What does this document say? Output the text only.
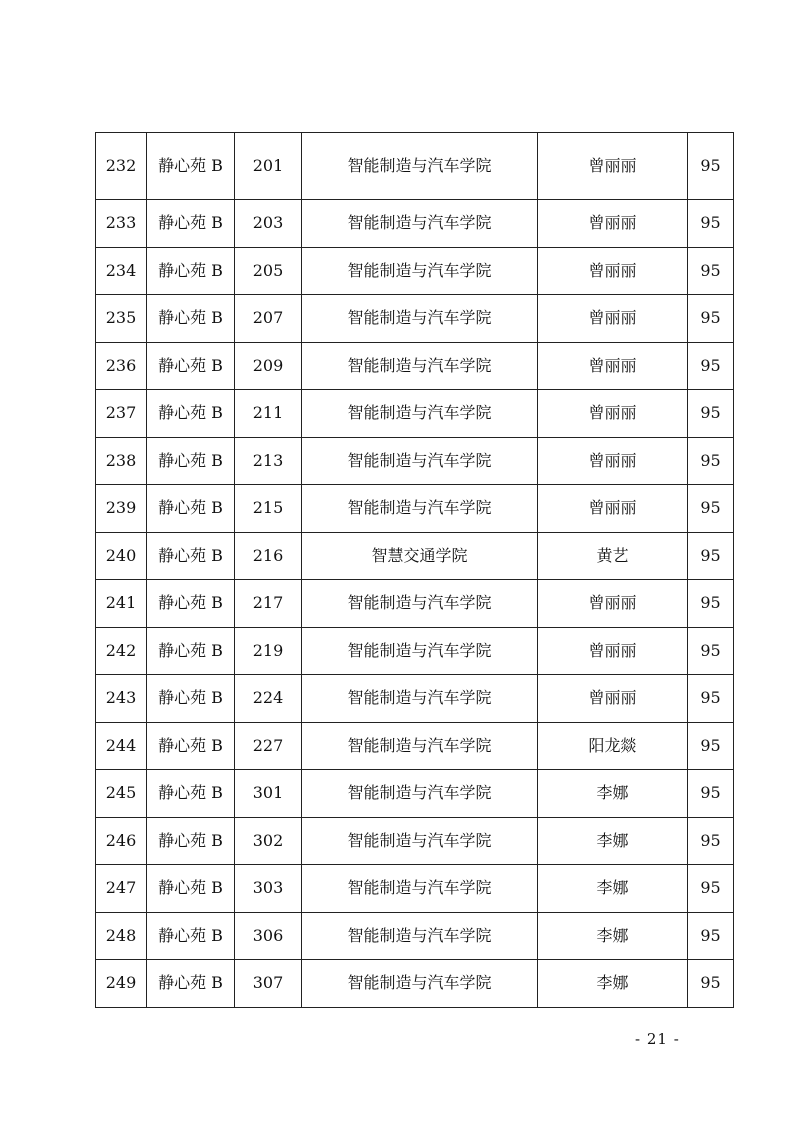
232	静心苑 B	201	智能制造与汽车学院	曾丽丽	95
233	静心苑 B	203	智能制造与汽车学院	曾丽丽	95
234	静心苑 B	205	智能制造与汽车学院	曾丽丽	95
235	静心苑 B	207	智能制造与汽车学院	曾丽丽	95
236	静心苑 B	209	智能制造与汽车学院	曾丽丽	95
237	静心苑 B	211	智能制造与汽车学院	曾丽丽	95
238	静心苑 B	213	智能制造与汽车学院	曾丽丽	95
239	静心苑 B	215	智能制造与汽车学院	曾丽丽	95
240	静心苑 B	216	智慧交通学院	黄艺	95
241	静心苑 B	217	智能制造与汽车学院	曾丽丽	95
242	静心苑 B	219	智能制造与汽车学院	曾丽丽	95
243	静心苑 B	224	智能制造与汽车学院	曾丽丽	95
244	静心苑 B	227	智能制造与汽车学院	阳龙燚	95
245	静心苑 B	301	智能制造与汽车学院	李娜	95
246	静心苑 B	302	智能制造与汽车学院	李娜	95
247	静心苑 B	303	智能制造与汽车学院	李娜	95
248	静心苑 B	306	智能制造与汽车学院	李娜	95
249	静心苑 B	307	智能制造与汽车学院	李娜	95
- 21 -
